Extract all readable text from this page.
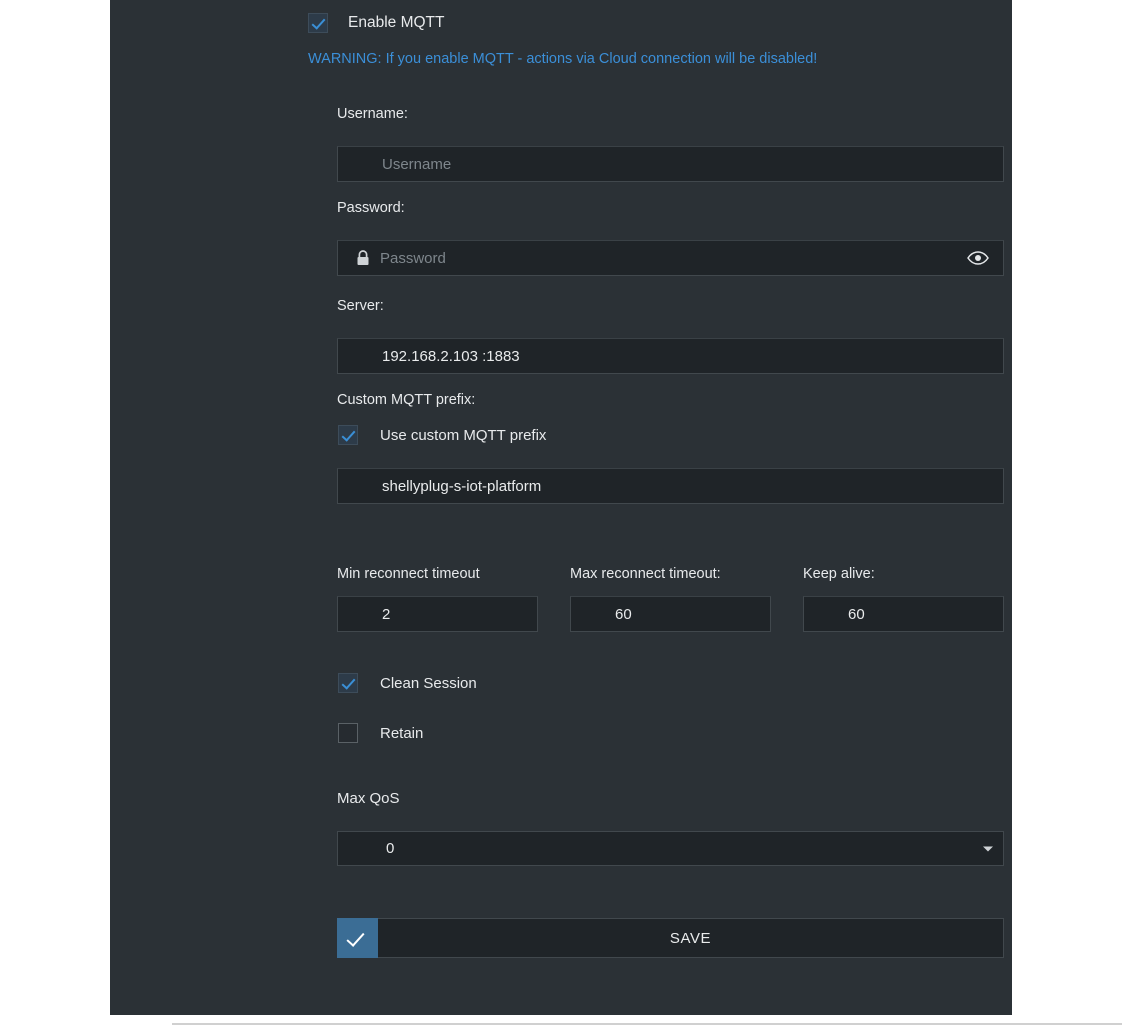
Enable MQTT
WARNING: If you enable MQTT - actions via Cloud connection will be disabled!
Username:
Username
Password:
Password
Server:
192.168.2.103 :1883
Custom MQTT prefix:
Use custom MQTT prefix
shellyplug-s-iot-platform
Min reconnect timeout
2
Max reconnect timeout:
60
Keep alive:
60
Clean Session
Retain
Max QoS
0
SAVE
